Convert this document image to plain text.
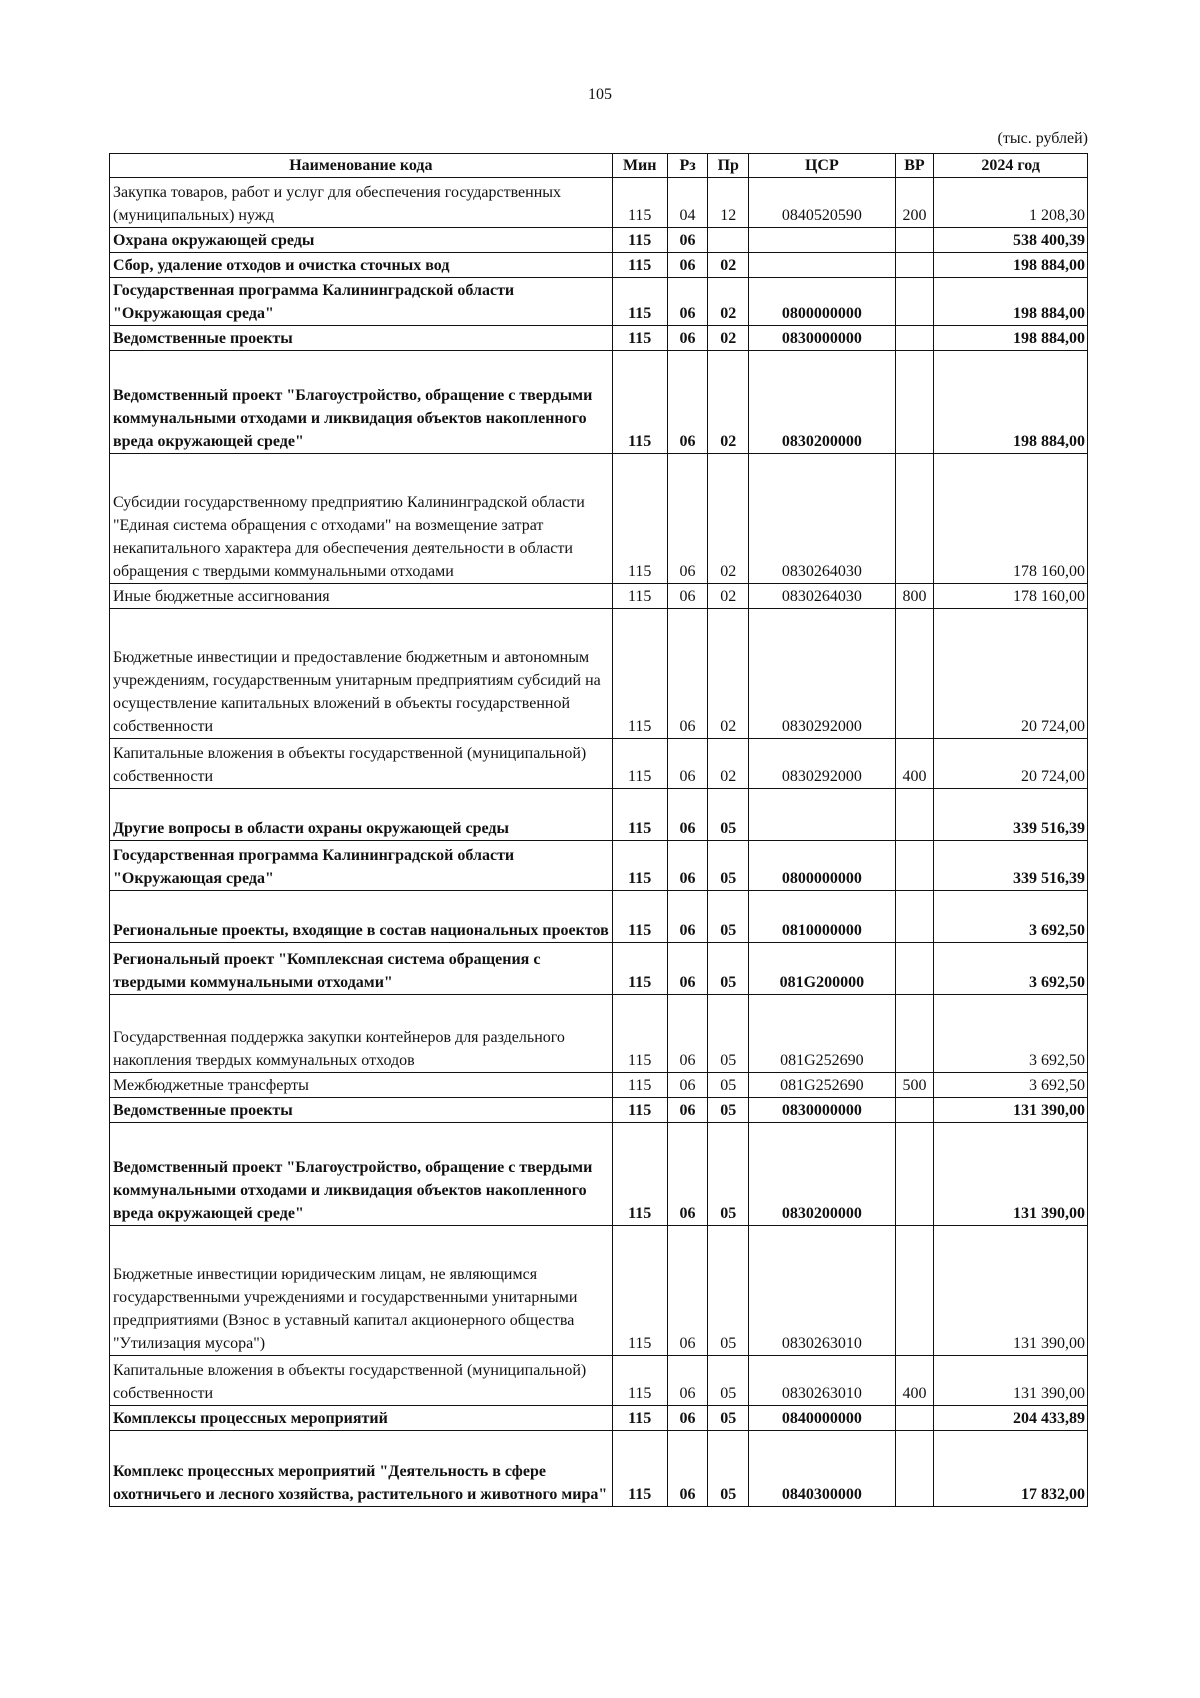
105
(тыс. рублей)
Наименование кода	Мин	Рз	Пр	ЦСР	ВР	2024 год
Закупка товаров, работ и услуг для обеспечения государственных (муниципальных) нужд	115	04	12	0840520590	200	1 208,30
Охрана окружающей среды	115	06				538 400,39
Сбор, удаление отходов и очистка сточных вод	115	06	02			198 884,00
Государственная программа Калининградской области "Окружающая среда"	115	06	02	0800000000		198 884,00
Ведомственные проекты	115	06	02	0830000000		198 884,00
Ведомственный проект "Благоустройство, обращение с твердыми коммунальными отходами и ликвидация объектов накопленного вреда окружающей среде"	115	06	02	0830200000		198 884,00
Субсидии государственному предприятию Калининградской области "Единая система обращения с отходами" на возмещение затрат некапитального характера для обеспечения деятельности в области обращения с твердыми коммунальными отходами	115	06	02	0830264030		178 160,00
Иные бюджетные ассигнования	115	06	02	0830264030	800	178 160,00
Бюджетные инвестиции и предоставление бюджетным и автономным учреждениям, государственным унитарным предприятиям субсидий на осуществление капитальных вложений в объекты государственной собственности	115	06	02	0830292000		20 724,00
Капитальные вложения в объекты государственной (муниципальной) собственности	115	06	02	0830292000	400	20 724,00
Другие вопросы в области охраны окружающей среды	115	06	05			339 516,39
Государственная программа Калининградской области "Окружающая среда"	115	06	05	0800000000		339 516,39
Региональные проекты, входящие в состав национальных проектов	115	06	05	0810000000		3 692,50
Региональный проект "Комплексная система обращения с твердыми коммунальными отходами"	115	06	05	081G200000		3 692,50
Государственная поддержка закупки контейнеров для раздельного накопления твердых коммунальных отходов	115	06	05	081G252690		3 692,50
Межбюджетные трансферты	115	06	05	081G252690	500	3 692,50
Ведомственные проекты	115	06	05	0830000000		131 390,00
Ведомственный проект "Благоустройство, обращение с твердыми коммунальными отходами и ликвидация объектов накопленного вреда окружающей среде"	115	06	05	0830200000		131 390,00
Бюджетные инвестиции юридическим лицам, не являющимся государственными учреждениями и государственными унитарными предприятиями (Взнос в уставный капитал акционерного общества "Утилизация мусора")	115	06	05	0830263010		131 390,00
Капитальные вложения в объекты государственной (муниципальной) собственности	115	06	05	0830263010	400	131 390,00
Комплексы процессных мероприятий	115	06	05	0840000000		204 433,89
Комплекс процессных мероприятий "Деятельность в сфере охотничьего и лесного хозяйства, растительного и животного мира"	115	06	05	0840300000		17 832,00
